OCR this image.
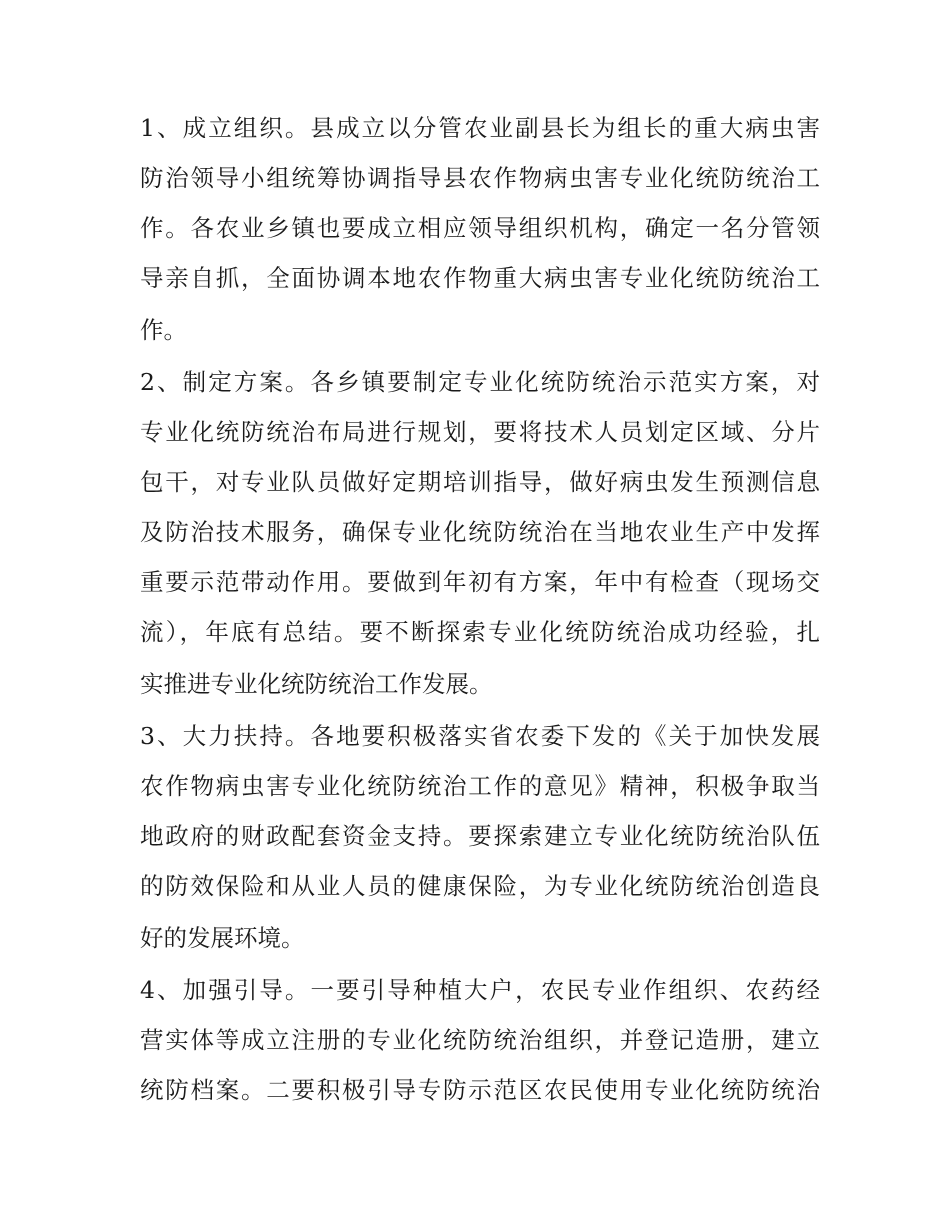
1、成立组织。县成立以分管农业副县长为组长的重大病虫害
防治领导小组统筹协调指导县农作物病虫害专业化统防统治工
作。各农业乡镇也要成立相应领导组织机构，确定一名分管领
导亲自抓，全面协调本地农作物重大病虫害专业化统防统治工
作。
2、制定方案。各乡镇要制定专业化统防统治示范实方案，对
专业化统防统治布局进行规划，要将技术人员划定区域、分片
包干，对专业队员做好定期培训指导，做好病虫发生预测信息
及防治技术服务，确保专业化统防统治在当地农业生产中发挥
重要示范带动作用。要做到年初有方案，年中有检查（现场交
流），年底有总结。要不断探索专业化统防统治成功经验，扎
实推进专业化统防统治工作发展。
3、大力扶持。各地要积极落实省农委下发的《关于加快发展
农作物病虫害专业化统防统治工作的意见》精神，积极争取当
地政府的财政配套资金支持。要探索建立专业化统防统治队伍
的防效保险和从业人员的健康保险，为专业化统防统治创造良
好的发展环境。
4、加强引导。一要引导种植大户，农民专业作组织、农药经
营实体等成立注册的专业化统防统治组织，并登记造册，建立
统防档案。二要积极引导专防示范区农民使用专业化统防统治
